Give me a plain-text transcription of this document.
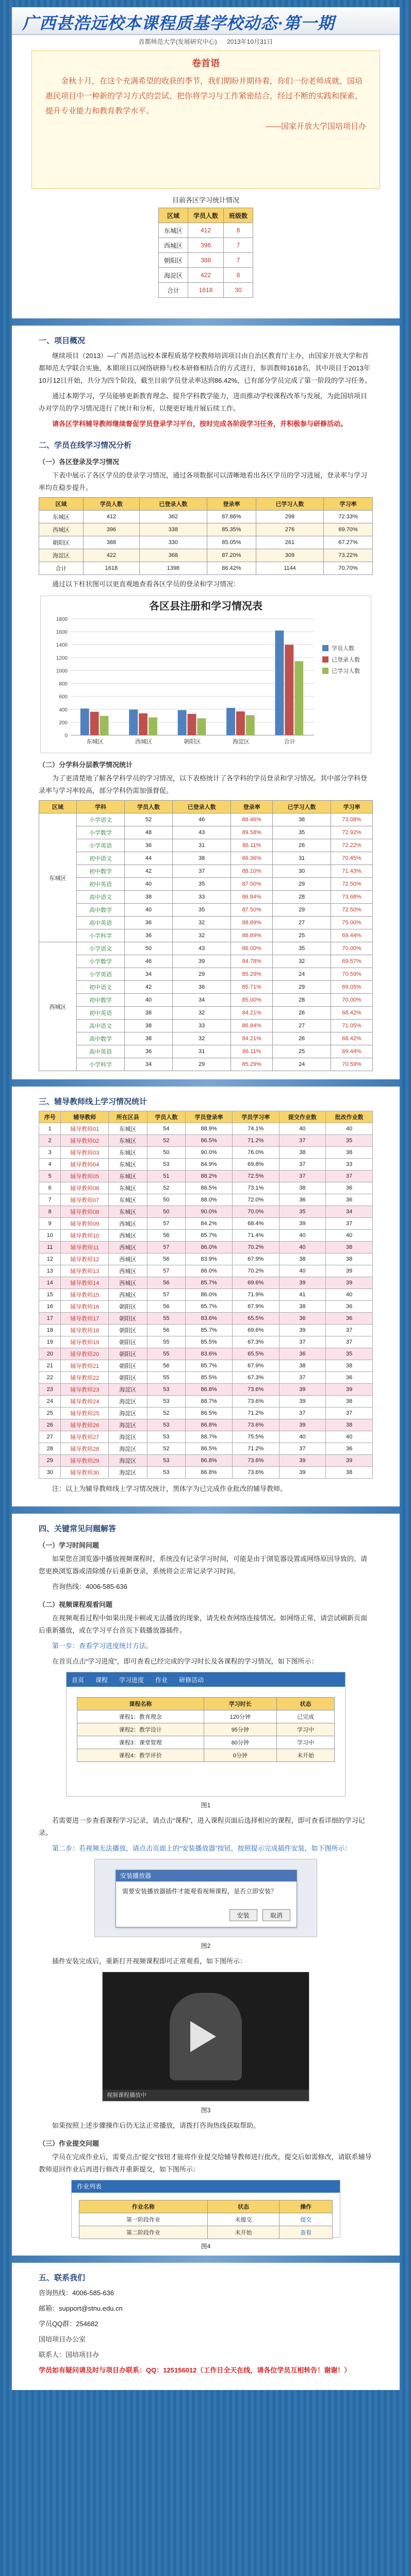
广西甚浩远校本课程质基学校动态·第一期
首都师范大学(发展研究中心) 2013年10月31日
卷首语

金秋十月，在这个充满希望的收获的季节，我们期盼并期待着，你们一份老师成就，国培惠民项目中一种新的学习方式的尝试、把你将学习与工作紧密结合，经过不断的实践和探索，提升专业能力和教育教学水平。

——国家开放大学国培项目办
目前各区学习统计情况
区域	学员人数	班级数
东城区	412	8
西城区	396	7
朝阳区	388	7
海淀区	422	8
合计	1618	30
一、项目概况

继续项目（2013）—广西甚浩远校本课程质基学校教师培训项目由自治区教育厅主办，由国家开放大学和首都师范大学联合实施，本期项目以网络研修与校本研修相结合的方式进行，参训教师1618名，其中项目于2013年10月12日开始，共分为四个阶段，截至目前学员登录率达到86.42%，已有部分学员完成了第一阶段的学习任务。

通过本期学习，学员能够更新教育理念、提升学科教学能力，进而推动学校课程改革与发展，为此国培项目办对学员的学习情况进行了统计和分析，以便更好地开展后续工作。

请各区学科辅导教师继续督促学员登录学习平台，按时完成各阶段学习任务，并积极参与研修活动。

二、学员在线学习情况分析
（一）各区登录及学习情况

下表中展示了各区学员的登录学习情况，通过各项数据可以清晰地看出各区学员的学习进展，登录率与学习率均在稳步提升。

区域	学员人数	已登录人数	登录率	已学习人数	学习率
东城区	412	362	87.86%	298	72.33%
西城区	396	338	85.35%	276	69.70%
朝阳区	388	330	85.05%	261	67.27%
海淀区	422	368	87.20%	309	73.22%
合计	1618	1398	86.42%	1144	70.70%

通过以下柱状图可以更直观地查看各区学员的登录和学习情况：

各区县注册和学习情况表
0
200
400
600
800
1000
1200
1400
1600
1800
东城区	西城区	朝阳区	海淀区	合计
学员人数
已登录人数
已学习人数
（二）分学科分层教学情况统计

为了更清楚地了解各学科学员的学习情况，以下表格统计了各学科的学员登录和学习情况。其中部分学科登录率与学习率较高，部分学科仍需加强督促。

区域	学科	学员人数	已登录人数	登录率	已学习人数	学习率
东城区	小学语文	52	46	88.46%	38	73.08%
	小学数学	48	43	89.58%	35	72.92%
	小学英语	36	31	86.11%	26	72.22%
	初中语文	44	38	86.36%	31	70.45%
	初中数学	42	37	88.10%	30	71.43%
	初中英语	40	35	87.50%	29	72.50%
	高中语文	38	33	86.84%	28	73.68%
	高中数学	40	35	87.50%	29	72.50%
	高中英语	36	32	88.89%	27	75.00%
	小学科学	36	32	88.89%	25	69.44%
西城区	小学语文	50	43	86.00%	35	70.00%
	小学数学	46	39	84.78%	32	69.57%
	小学英语	34	29	85.29%	24	70.59%
	初中语文	42	36	85.71%	29	69.05%
	初中数学	40	34	85.00%	28	70.00%
	初中英语	38	32	84.21%	26	68.42%
	高中语文	38	33	86.84%	27	71.05%
	高中数学	38	32	84.21%	26	68.42%
	高中英语	36	31	86.11%	25	69.44%
	小学科学	34	29	85.29%	24	70.59%
三、辅导教师线上学习情况统计
序号	辅导教师	所在区县	学员人数	学员登录率	学员学习率	提交作业数	批改作业数
1	辅导教师01	东城区	54	88.9%	74.1%	40	40
2	辅导教师02	东城区	52	86.5%	71.2%	37	35
3	辅导教师03	东城区	50	90.0%	76.0%	38	38
4	辅导教师04	东城区	53	84.9%	69.8%	37	33
5	辅导教师05	东城区	51	88.2%	72.5%	37	37
6	辅导教师06	东城区	52	86.5%	73.1%	38	36
7	辅导教师07	东城区	50	88.0%	72.0%	36	36
8	辅导教师08	东城区	50	90.0%	70.0%	35	34
9	辅导教师09	西城区	57	84.2%	68.4%	39	37
10	辅导教师10	西城区	56	85.7%	71.4%	40	40
11	辅导教师11	西城区	57	86.0%	70.2%	40	38
12	辅导教师12	西城区	56	83.9%	67.9%	38	38
13	辅导教师13	西城区	57	86.0%	70.2%	40	39
14	辅导教师14	西城区	56	85.7%	69.6%	39	39
15	辅导教师15	西城区	57	86.0%	71.9%	41	40
16	辅导教师16	朝阳区	56	85.7%	67.9%	38	36
17	辅导教师17	朝阳区	55	83.6%	65.5%	36	36
18	辅导教师18	朝阳区	56	85.7%	69.6%	39	37
19	辅导教师19	朝阳区	55	85.5%	67.3%	37	37
20	辅导教师20	朝阳区	55	83.6%	65.5%	36	35
21	辅导教师21	朝阳区	56	85.7%	67.9%	38	38
22	辅导教师22	朝阳区	55	85.5%	67.3%	37	36
23	辅导教师23	海淀区	53	86.8%	73.6%	39	39
24	辅导教师24	海淀区	53	88.7%	73.6%	39	38
25	辅导教师25	海淀区	52	86.5%	71.2%	37	37
26	辅导教师26	海淀区	53	86.8%	73.6%	39	38
27	辅导教师27	海淀区	53	88.7%	75.5%	40	40
28	辅导教师28	海淀区	52	86.5%	71.2%	37	36
29	辅导教师29	海淀区	53	86.8%	73.6%	39	39
30	辅导教师30	海淀区	53	86.8%	73.6%	39	38

注：以上为辅导教师线上学习情况统计，黑体字为已完成作业批改的辅导教师。

四、关键常见问题解答
（一）学习时间问题

如果您在浏览器中播放视频课程时，系统没有记录学习时间，可能是由于浏览器设置或网络原因导致的。请您更换浏览器或清除缓存后重新登录，系统将会正常记录学习时间。

咨询热线：4006-585-636

（二）视频课程观看问题

在视频观看过程中如果出现卡顿或无法播放的现象，请先检查网络连接情况。如网络正常，请尝试刷新页面后重新播放，或在学习平台首页下载播放器插件。

第一步：查看学习进度统计方法。

在首页点击“学习进度”，即可查看已经完成的学习时长及各课程的学习情况，如下图所示：

首页 课程 学习进度 作业 研修活动
课程名称	学习时长	状态
课程1：教育理念	120分钟	已完成
课程2：教学设计	95分钟	学习中
课程3：课堂管理	60分钟	学习中
课程4：教学评价	0分钟	未开始
图1

若需要进一步查看课程学习记录，请点击“课程”，进入课程页面后选择相应的课程，即可查看详细的学习记录。

第二步：若视频无法播放，请点击页面上的“安装播放器”按钮，按照提示完成插件安装，如下图所示：

安装播放器
需要安装播放器插件才能观看视频课程，是否立即安装？
安装	取消
图2

插件安装完成后，重新打开视频课程即可正常观看，如下图所示：

视频课程播放中
图3

如果按照上述步骤操作后仍无法正常播放，请拨打咨询热线获取帮助。

（三）作业提交问题

学员在完成作业后，需要点击“提交”按钮才能将作业提交给辅导教师进行批改。提交后如需修改，请联系辅导教师退回作业后再进行修改并重新提交，如下图所示：

作业列表
作业名称	状态	操作
第一阶段作业	未提交	提交
第二阶段作业	未开始	查看
图4
五、联系我们

咨询热线：4006-585-636

邮箱：support@stnu.edu.cn

学员QQ群：254682

国培项目办公室

联系人：国培项目办

学员如有疑问请及时与项目办联系：QQ：125156012（工作日全天在线，请各位学员互相转告！谢谢！）
